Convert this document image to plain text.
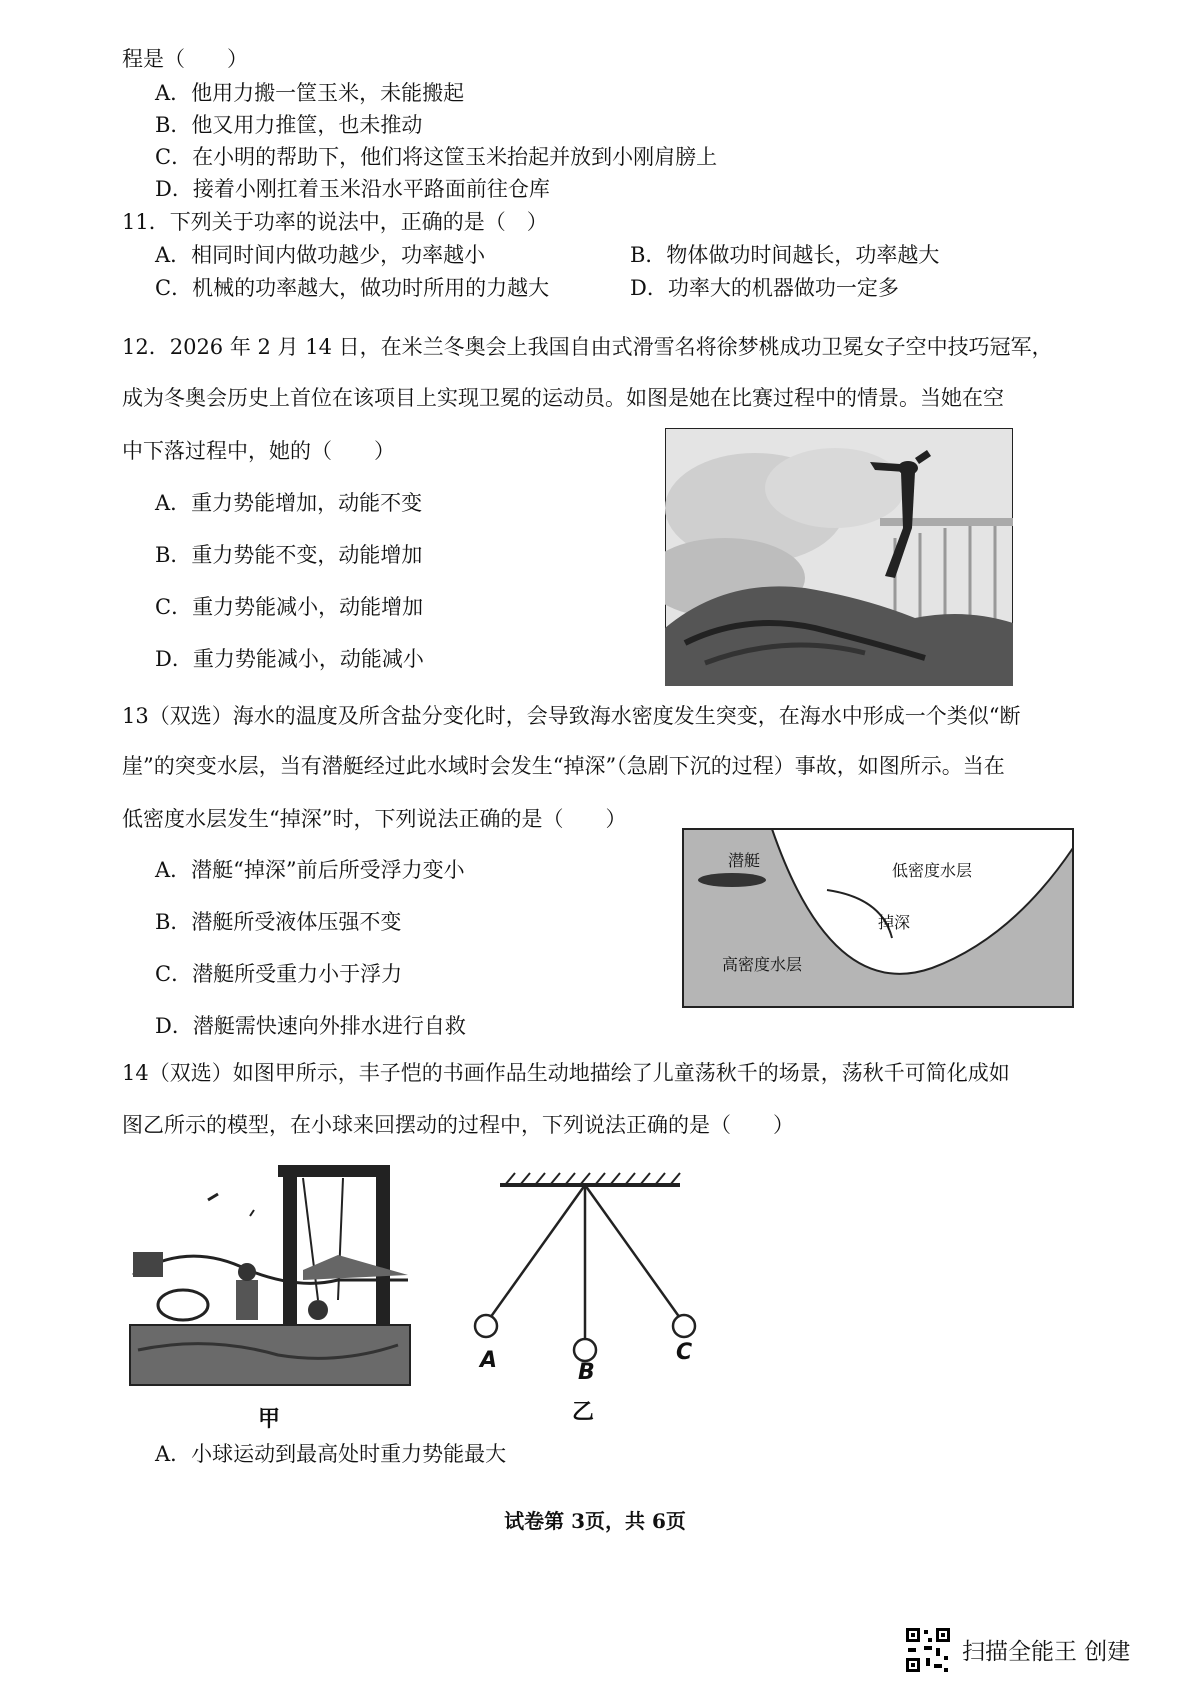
程是（　　）
A．他用力搬一筐玉米，未能搬起
B．他又用力推筐，也未推动
C．在小明的帮助下，他们将这筐玉米抬起并放到小刚肩膀上
D．接着小刚扛着玉米沿水平路面前往仓库
11．下列关于功率的说法中，正确的是（　）
A．相同时间内做功越少，功率越小	B．物体做功时间越长，功率越大
C．机械的功率越大，做功时所用的力越大	D．功率大的机器做功一定多
12．2026 年 2 月 14 日，在米兰冬奥会上我国自由式滑雪名将徐梦桃成功卫冕女子空中技巧冠军，
成为冬奥会历史上首位在该项目上实现卫冕的运动员。如图是她在比赛过程中的情景。当她在空
中下落过程中，她的（　　）
A．重力势能增加，动能不变
B．重力势能不变，动能增加
C．重力势能减小，动能增加
D．重力势能减小，动能减小
13（双选）海水的温度及所含盐分变化时，会导致海水密度发生突变，在海水中形成一个类似“断
崖”的突变水层，当有潜艇经过此水域时会发生“掉深”（急剧下沉的过程）事故，如图所示。当在
低密度水层发生“掉深”时，下列说法正确的是（　　）
A．潜艇“掉深”前后所受浮力变小
B．潜艇所受液体压强不变
C．潜艇所受重力小于浮力
D．潜艇需快速向外排水进行自救
潜艇
低密度水层
掉深
高密度水层
14（双选）如图甲所示，丰子恺的书画作品生动地描绘了儿童荡秋千的场景，荡秋千可简化成如
图乙所示的模型，在小球来回摆动的过程中，下列说法正确的是（　　）
甲
A	B
C
乙
A．小球运动到最高处时重力势能最大
试卷第 3页，共 6页
扫描全能王 创建
